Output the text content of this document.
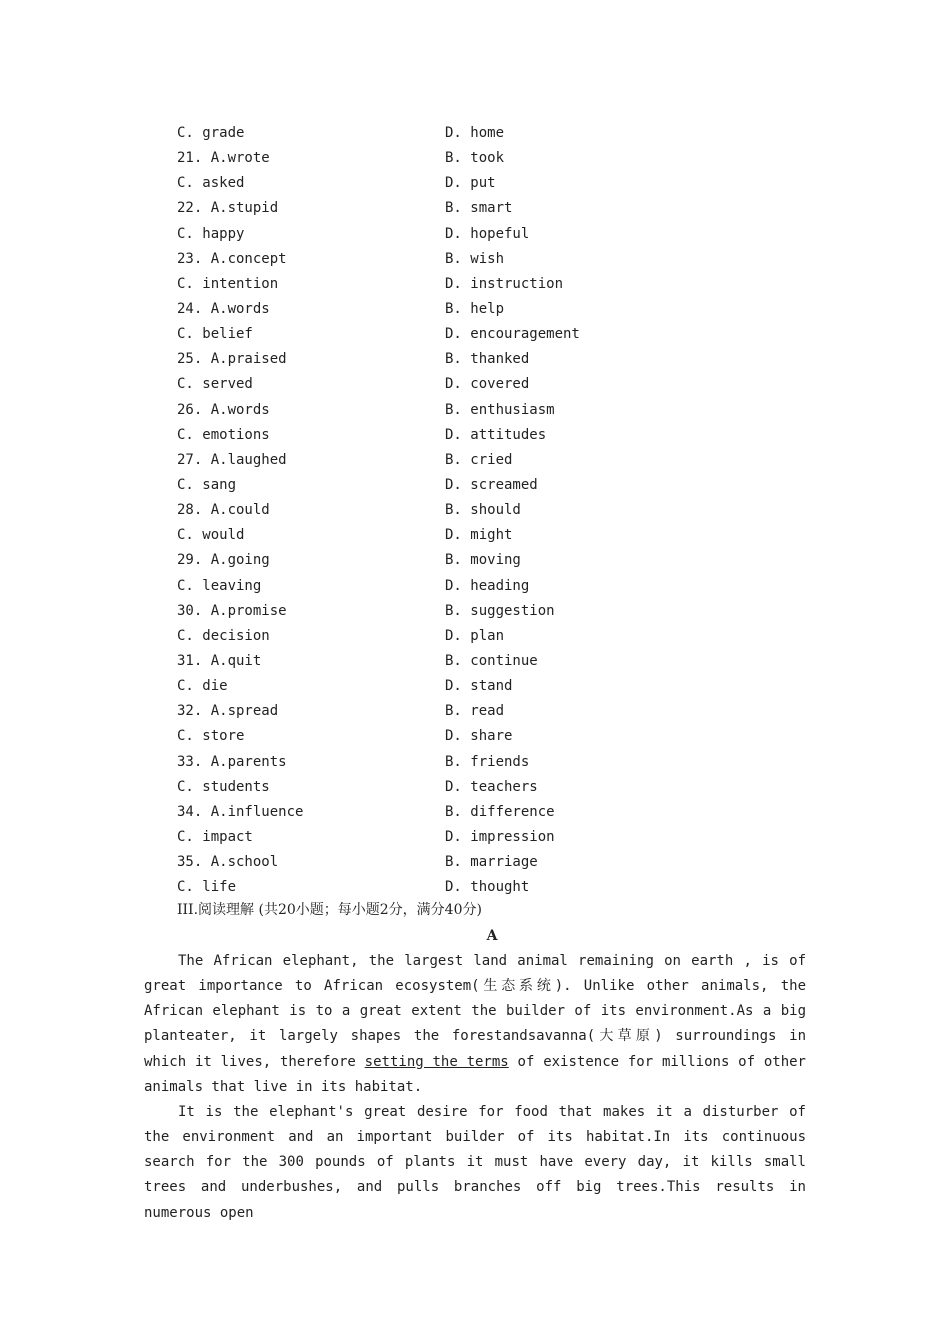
C. grade	D. home
21. A.wrote	B. took
C. asked	D. put
22. A.stupid	B. smart
C. happy	D. hopeful
23. A.concept	B. wish
C. intention	D. instruction
24. A.words	B. help
C. belief	D. encouragement
25. A.praised	B. thanked
C. served	D. covered
26. A.words	B. enthusiasm
C. emotions	D. attitudes
27. A.laughed	B. cried
C. sang	D. screamed
28. A.could	B. should
C. would	D. might
29. A.going	B. moving
C. leaving	D. heading
30. A.promise	B. suggestion
C. decision	D. plan
31. A.quit	B. continue
C. die	D. stand
32. A.spread	B. read
C. store	D. share
33. A.parents	B. friends
C. students	D. teachers
34. A.influence	B. difference
C. impact	D. impression
35. A.school	B. marriage
C. life	D. thought
III.阅读理解 (共20小题；每小题2分，满分40分)
A

The African elephant, the largest land animal remaining on earth , is of great importance to African ecosystem(生态系统). Unlike other animals, the African elephant is to a great extent the builder of its environment.As a big planteater, it largely shapes the forestandsavanna(大草原) surroundings in which it lives, therefore setting the terms of existence for millions of other animals that live in its habitat.

It is the elephant's great desire for food that makes it a disturber of the environment and an important builder of its habitat.In its continuous search for the 300 pounds of plants it must have every day, it kills small trees and underbushes, and pulls branches off big trees.This results in numerous open
